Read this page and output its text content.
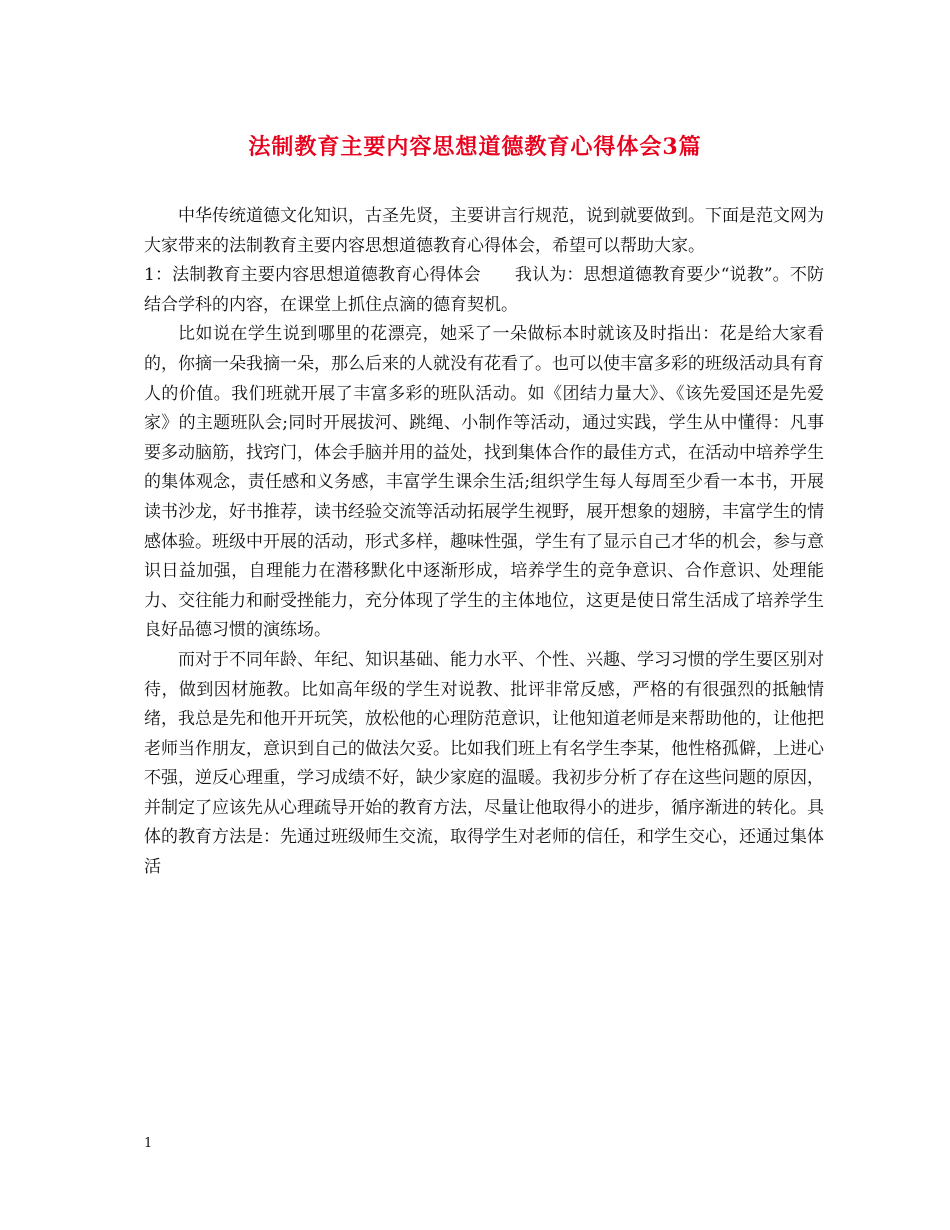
法制教育主要内容思想道德教育心得体会3篇

中华传统道德文化知识，古圣先贤，主要讲言行规范，说到就要做到。下面是范文网为大家带来的法制教育主要内容思想道德教育心得体会，希望可以帮助大家。

1：法制教育主要内容思想道德教育心得体会 我认为：思想道德教育要少“说教”。不防结合学科的内容，在课堂上抓住点滴的德育契机。

比如说在学生说到哪里的花漂亮，她采了一朵做标本时就该及时指出：花是给大家看的，你摘一朵我摘一朵，那么后来的人就没有花看了。也可以使丰富多彩的班级活动具有育人的价值。我们班就开展了丰富多彩的班队活动。如《团结力量大》、《该先爱国还是先爱家》的主题班队会;同时开展拔河、跳绳、小制作等活动，通过实践，学生从中懂得：凡事要多动脑筋，找窍门，体会手脑并用的益处，找到集体合作的最佳方式，在活动中培养学生的集体观念，责任感和义务感，丰富学生课余生活;组织学生每人每周至少看一本书，开展读书沙龙，好书推荐，读书经验交流等活动拓展学生视野，展开想象的翅膀，丰富学生的情感体验。班级中开展的活动，形式多样，趣味性强，学生有了显示自己才华的机会，参与意识日益加强，自理能力在潜移默化中逐渐形成，培养学生的竞争意识、合作意识、处理能力、交往能力和耐受挫能力，充分体现了学生的主体地位，这更是使日常生活成了培养学生良好品德习惯的演练场。

而对于不同年龄、年纪、知识基础、能力水平、个性、兴趣、学习习惯的学生要区别对待，做到因材施教。比如高年级的学生对说教、批评非常反感，严格的有很强烈的抵触情绪，我总是先和他开开玩笑，放松他的心理防范意识，让他知道老师是来帮助他的，让他把老师当作朋友，意识到自己的做法欠妥。比如我们班上有名学生李某，他性格孤僻，上进心不强，逆反心理重，学习成绩不好，缺少家庭的温暖。我初步分析了存在这些问题的原因，并制定了应该先从心理疏导开始的教育方法，尽量让他取得小的进步，循序渐进的转化。具体的教育方法是：先通过班级师生交流，取得学生对老师的信任，和学生交心，还通过集体活

1
